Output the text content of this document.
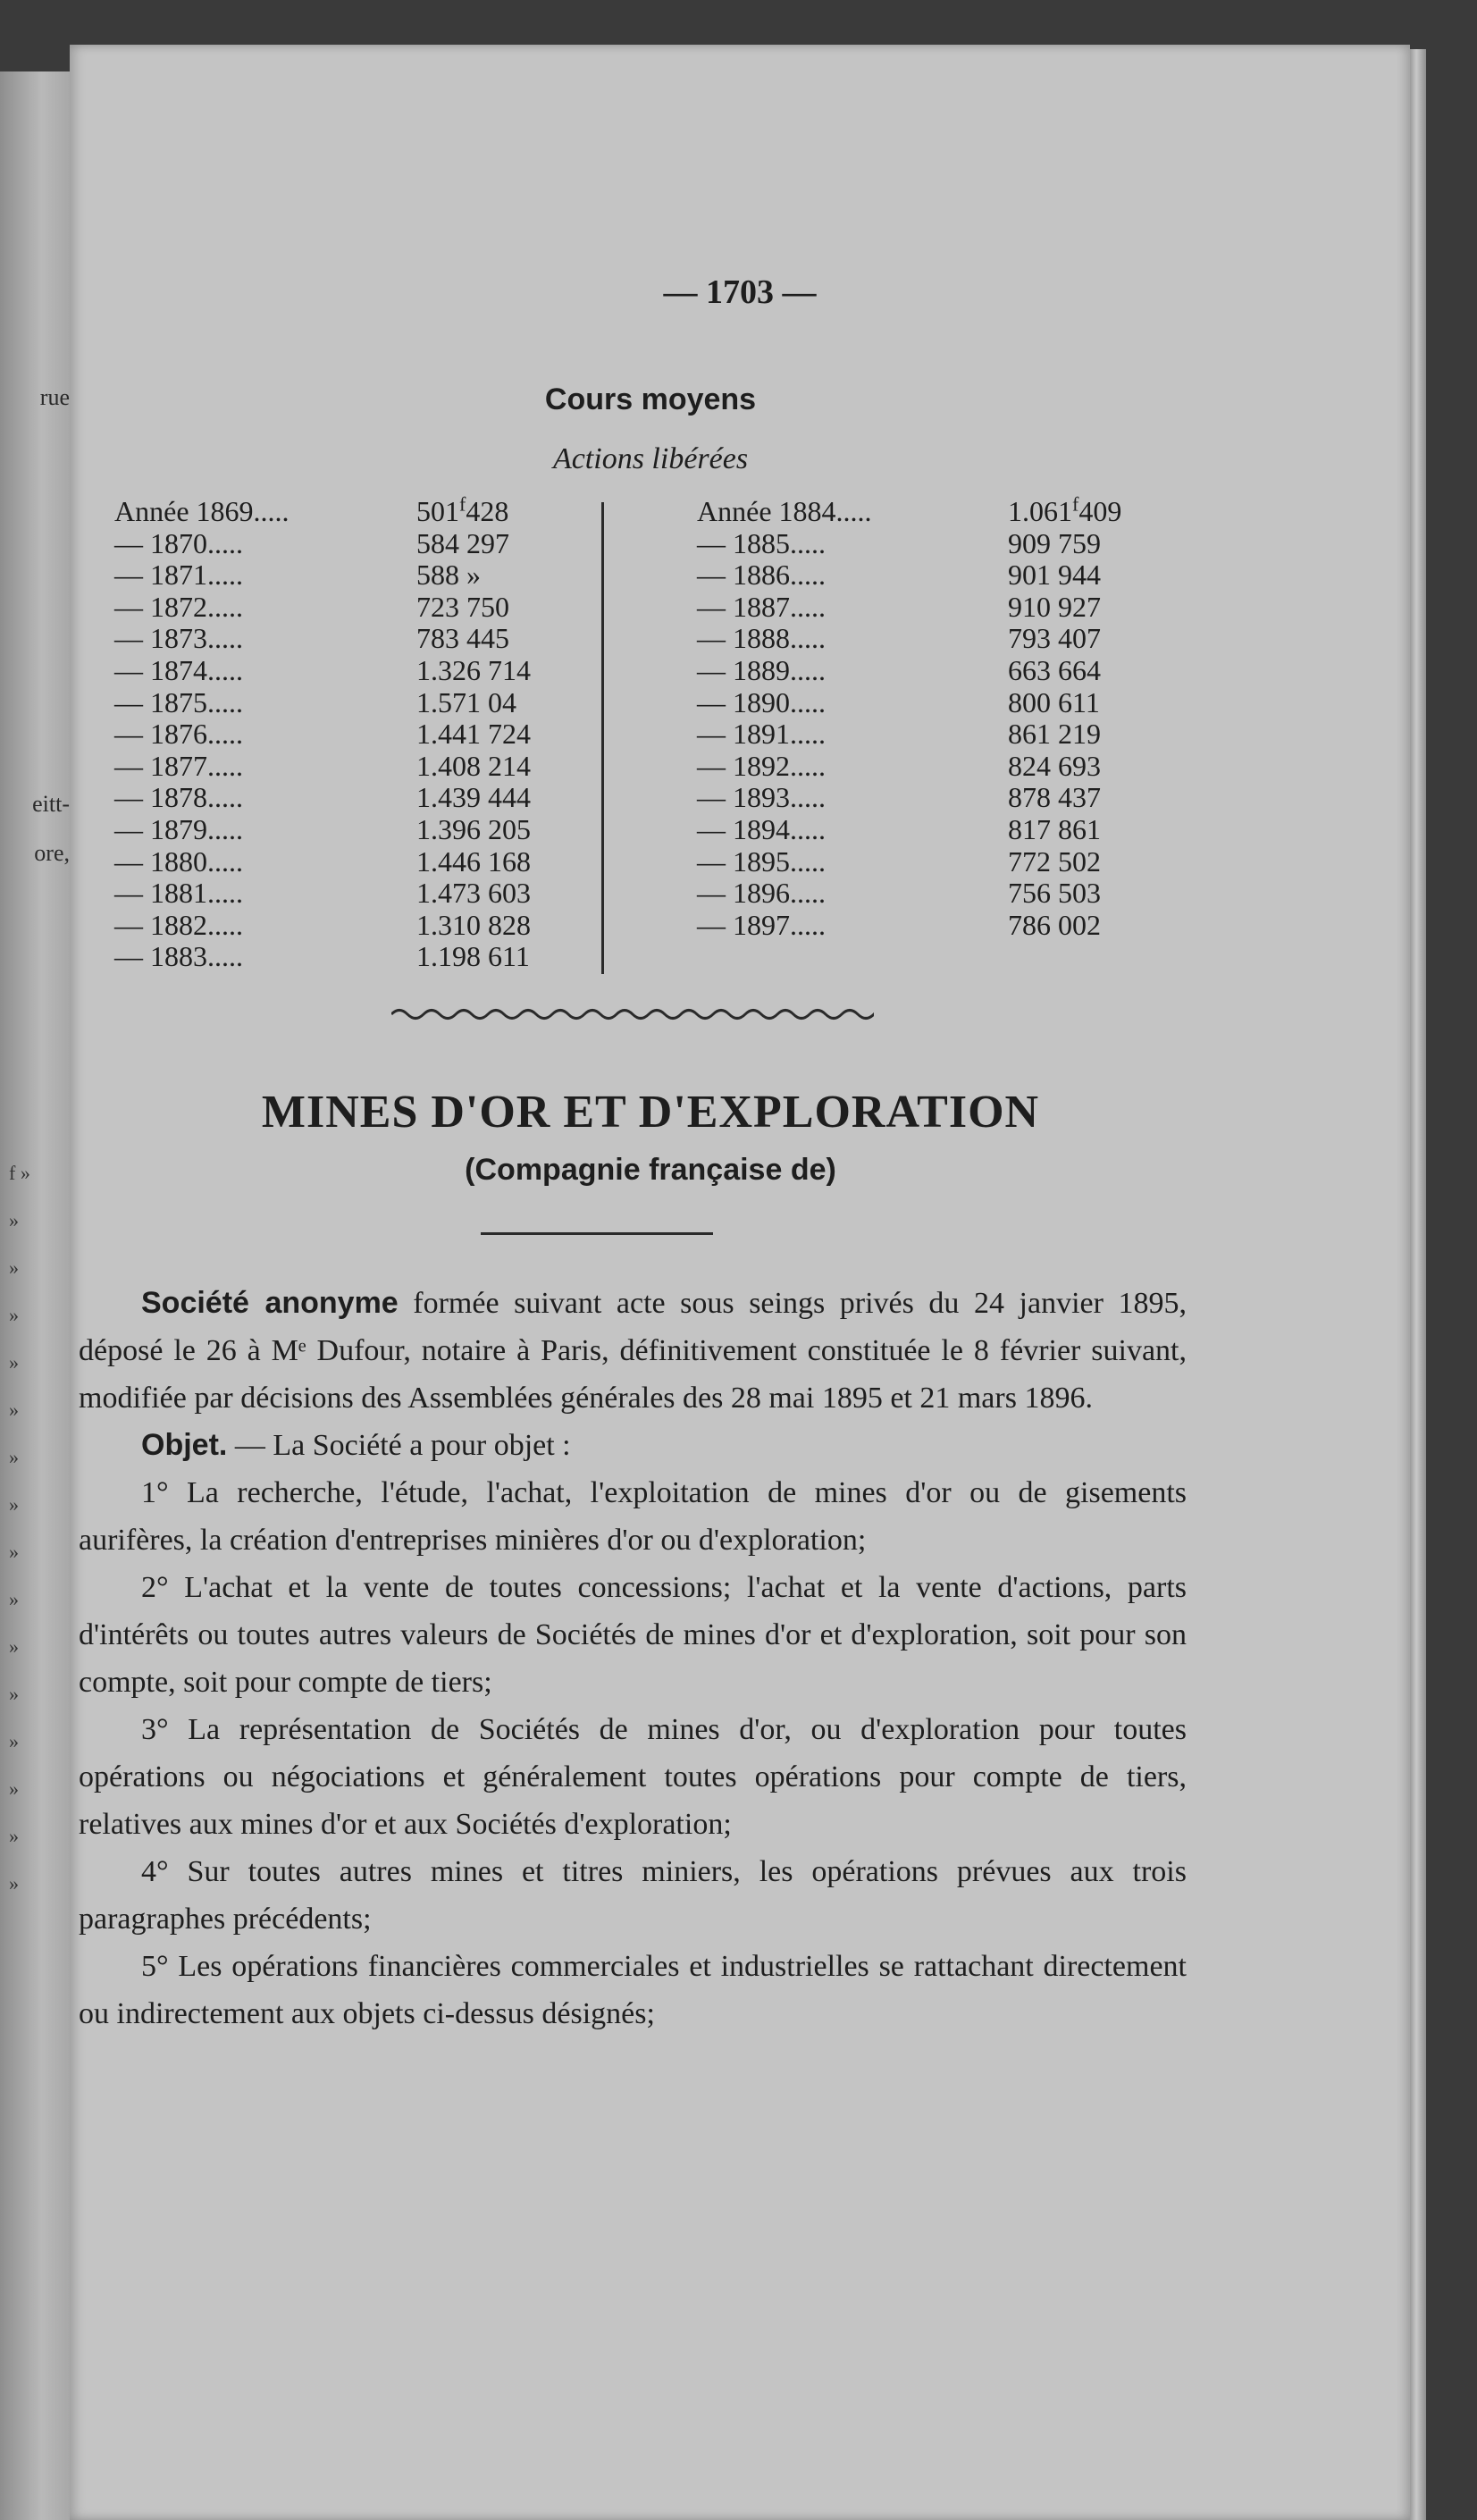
rue
eitt-
ore,
f »
»
»
»
»
»
»
»
»
»
»
»
»
»
»
»
— 1703 —
Cours moyens
Actions libérées
Année 1869.....	501$^f$428
— 1870.....	584 297
— 1871.....	588 »
— 1872.....	723 750
— 1873.....	783 445
— 1874.....	1.326 714
— 1875.....	1.571 04
— 1876.....	1.441 724
— 1877.....	1.408 214
— 1878.....	1.439 444
— 1879.....	1.396 205
— 1880.....	1.446 168
— 1881.....	1.473 603
— 1882.....	1.310 828
— 1883.....	1.198 611
Année 1884.....	1.061$^f$409
— 1885.....	909 759
— 1886.....	901 944
— 1887.....	910 927
— 1888.....	793 407
— 1889.....	663 664
— 1890.....	800 611
— 1891.....	861 219
— 1892.....	824 693
— 1893.....	878 437
— 1894.....	817 861
— 1895.....	772 502
— 1896.....	756 503
— 1897.....	786 002
MINES D'OR ET D'EXPLORATION
(Compagnie française de)

Société anonyme formée suivant acte sous seings privés du 24 janvier 1895, déposé le 26 à Mᵉ Dufour, notaire à Paris, définitivement constituée le 8 février suivant, modifiée par décisions des Assemblées générales des 28 mai 1895 et 21 mars 1896.

Objet. — La Société a pour objet :

1° La recherche, l'étude, l'achat, l'exploitation de mines d'or ou de gisements aurifères, la création d'entreprises minières d'or ou d'exploration;

2° L'achat et la vente de toutes concessions; l'achat et la vente d'actions, parts d'intérêts ou toutes autres valeurs de Sociétés de mines d'or et d'exploration, soit pour son compte, soit pour compte de tiers;

3° La représentation de Sociétés de mines d'or, ou d'exploration pour toutes opérations ou négociations et généralement toutes opérations pour compte de tiers, relatives aux mines d'or et aux Sociétés d'exploration;

4° Sur toutes autres mines et titres miniers, les opérations prévues aux trois paragraphes précédents;

5° Les opérations financières commerciales et industrielles se rattachant directement ou indirectement aux objets ci-dessus désignés;
